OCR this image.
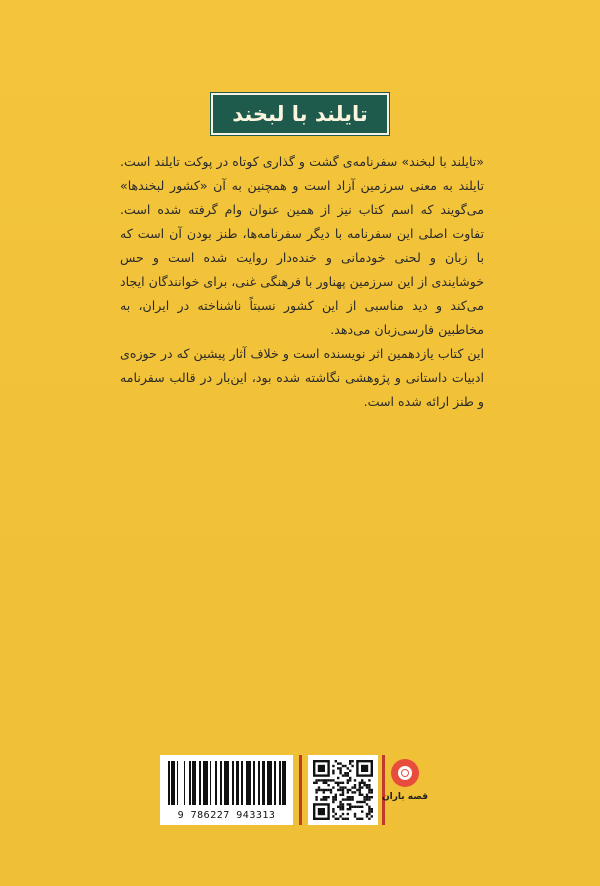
تایلند با لبخند

«تایلند با لبخند» سفرنامه‌ی گشت و گذاری کوتاه در پوکت تایلند است. تایلند به معنی سرزمین آزاد است و همچنین به آن «کشور لبخندها» می‌گویند که اسم کتاب نیز از همین عنوان وام گرفته شده است. تفاوت اصلی این سفرنامه با دیگر سفرنامه‌ها، طنز بودن آن است که با زبان و لحنی خودمانی و خنده‌دار روایت شده است و حس خوشایندی از این سرزمین پهناور با فرهنگی غنی، برای خوانندگان ایجاد می‌کند و دید مناسبی از این کشور نسبتاً ناشناخته در ایران، به مخاطبین فارسی‌زبان می‌دهد.

این کتاب یازدهمین اثر نویسنده است و خلاف آثار پیشین که در حوزه‌ی ادبیات داستانی و پژوهشی نگاشته شده بود، این‌بار در قالب سفرنامه و طنز ارائه شده است.

9 786227 943313
قصه باران
